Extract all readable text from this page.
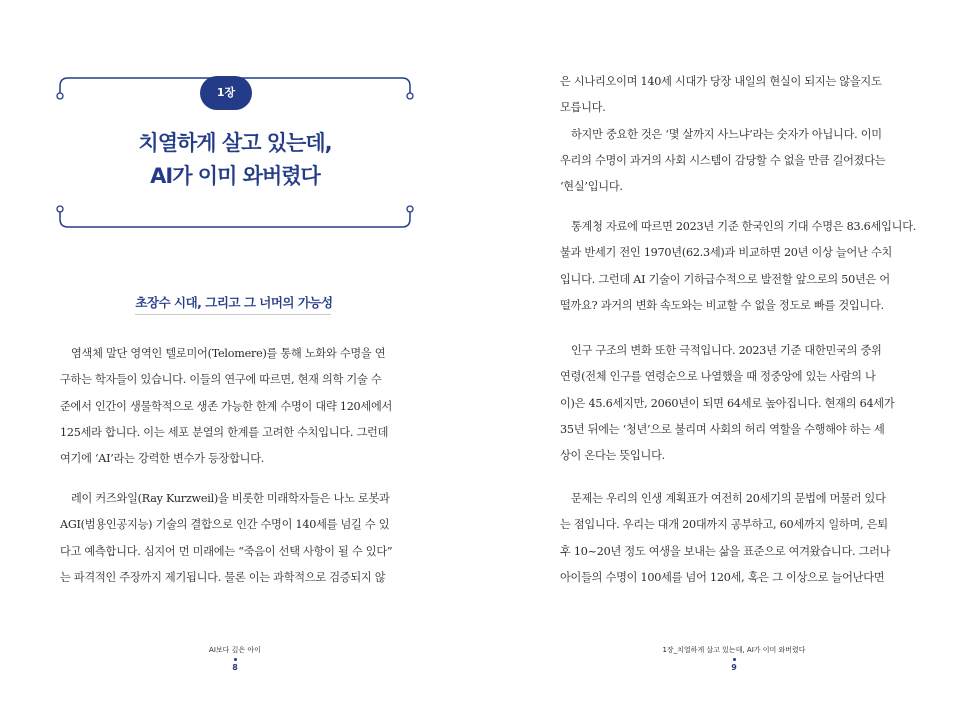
1장
치열하게 살고 있는데,
AI가 이미 와버렸다
초장수 시대, 그리고 그 너머의 가능성
염색체 말단 영역인 텔로미어(Telomere)를 통해 노화와 수명을 연
구하는 학자들이 있습니다. 이들의 연구에 따르면, 현재 의학 기술 수
준에서 인간이 생물학적으로 생존 가능한 한계 수명이 대략 120세에서
125세라 합니다. 이는 세포 분열의 한계를 고려한 수치입니다. 그런데
여기에 ‘AI’라는 강력한 변수가 등장합니다.
레이 커즈와일(Ray Kurzweil)을 비롯한 미래학자들은 나노 로봇과
AGI(범용인공지능) 기술의 결합으로 인간 수명이 140세를 넘길 수 있
다고 예측합니다. 심지어 먼 미래에는 “죽음이 선택 사항이 될 수 있다”
는 파격적인 주장까지 제기됩니다. 물론 이는 과학적으로 검증되지 않
AI보다 깊은 아이
8
은 시나리오이며 140세 시대가 당장 내일의 현실이 되지는 않을지도
모릅니다.
하지만 중요한 것은 ‘몇 살까지 사느냐’라는 숫자가 아닙니다. 이미
우리의 수명이 과거의 사회 시스템이 감당할 수 없을 만큼 길어졌다는
‘현실’입니다.
통계청 자료에 따르면 2023년 기준 한국인의 기대 수명은 83.6세입니다.
불과 반세기 전인 1970년(62.3세)과 비교하면 20년 이상 늘어난 수치
입니다. 그런데 AI 기술이 기하급수적으로 발전할 앞으로의 50년은 어
떨까요? 과거의 변화 속도와는 비교할 수 없을 정도로 빠를 것입니다.
인구 구조의 변화 또한 극적입니다. 2023년 기준 대한민국의 중위
연령(전체 인구를 연령순으로 나열했을 때 정중앙에 있는 사람의 나
이)은 45.6세지만, 2060년이 되면 64세로 높아집니다. 현재의 64세가
35년 뒤에는 ‘청년’으로 불리며 사회의 허리 역할을 수행해야 하는 세
상이 온다는 뜻입니다.
문제는 우리의 인생 계획표가 여전히 20세기의 문법에 머물러 있다
는 점입니다. 우리는 대개 20대까지 공부하고, 60세까지 일하며, 은퇴
후 10~20년 정도 여생을 보내는 삶을 표준으로 여겨왔습니다. 그러나
아이들의 수명이 100세를 넘어 120세, 혹은 그 이상으로 늘어난다면
1장_치열하게 살고 있는데, AI가 이미 와버렸다
9
